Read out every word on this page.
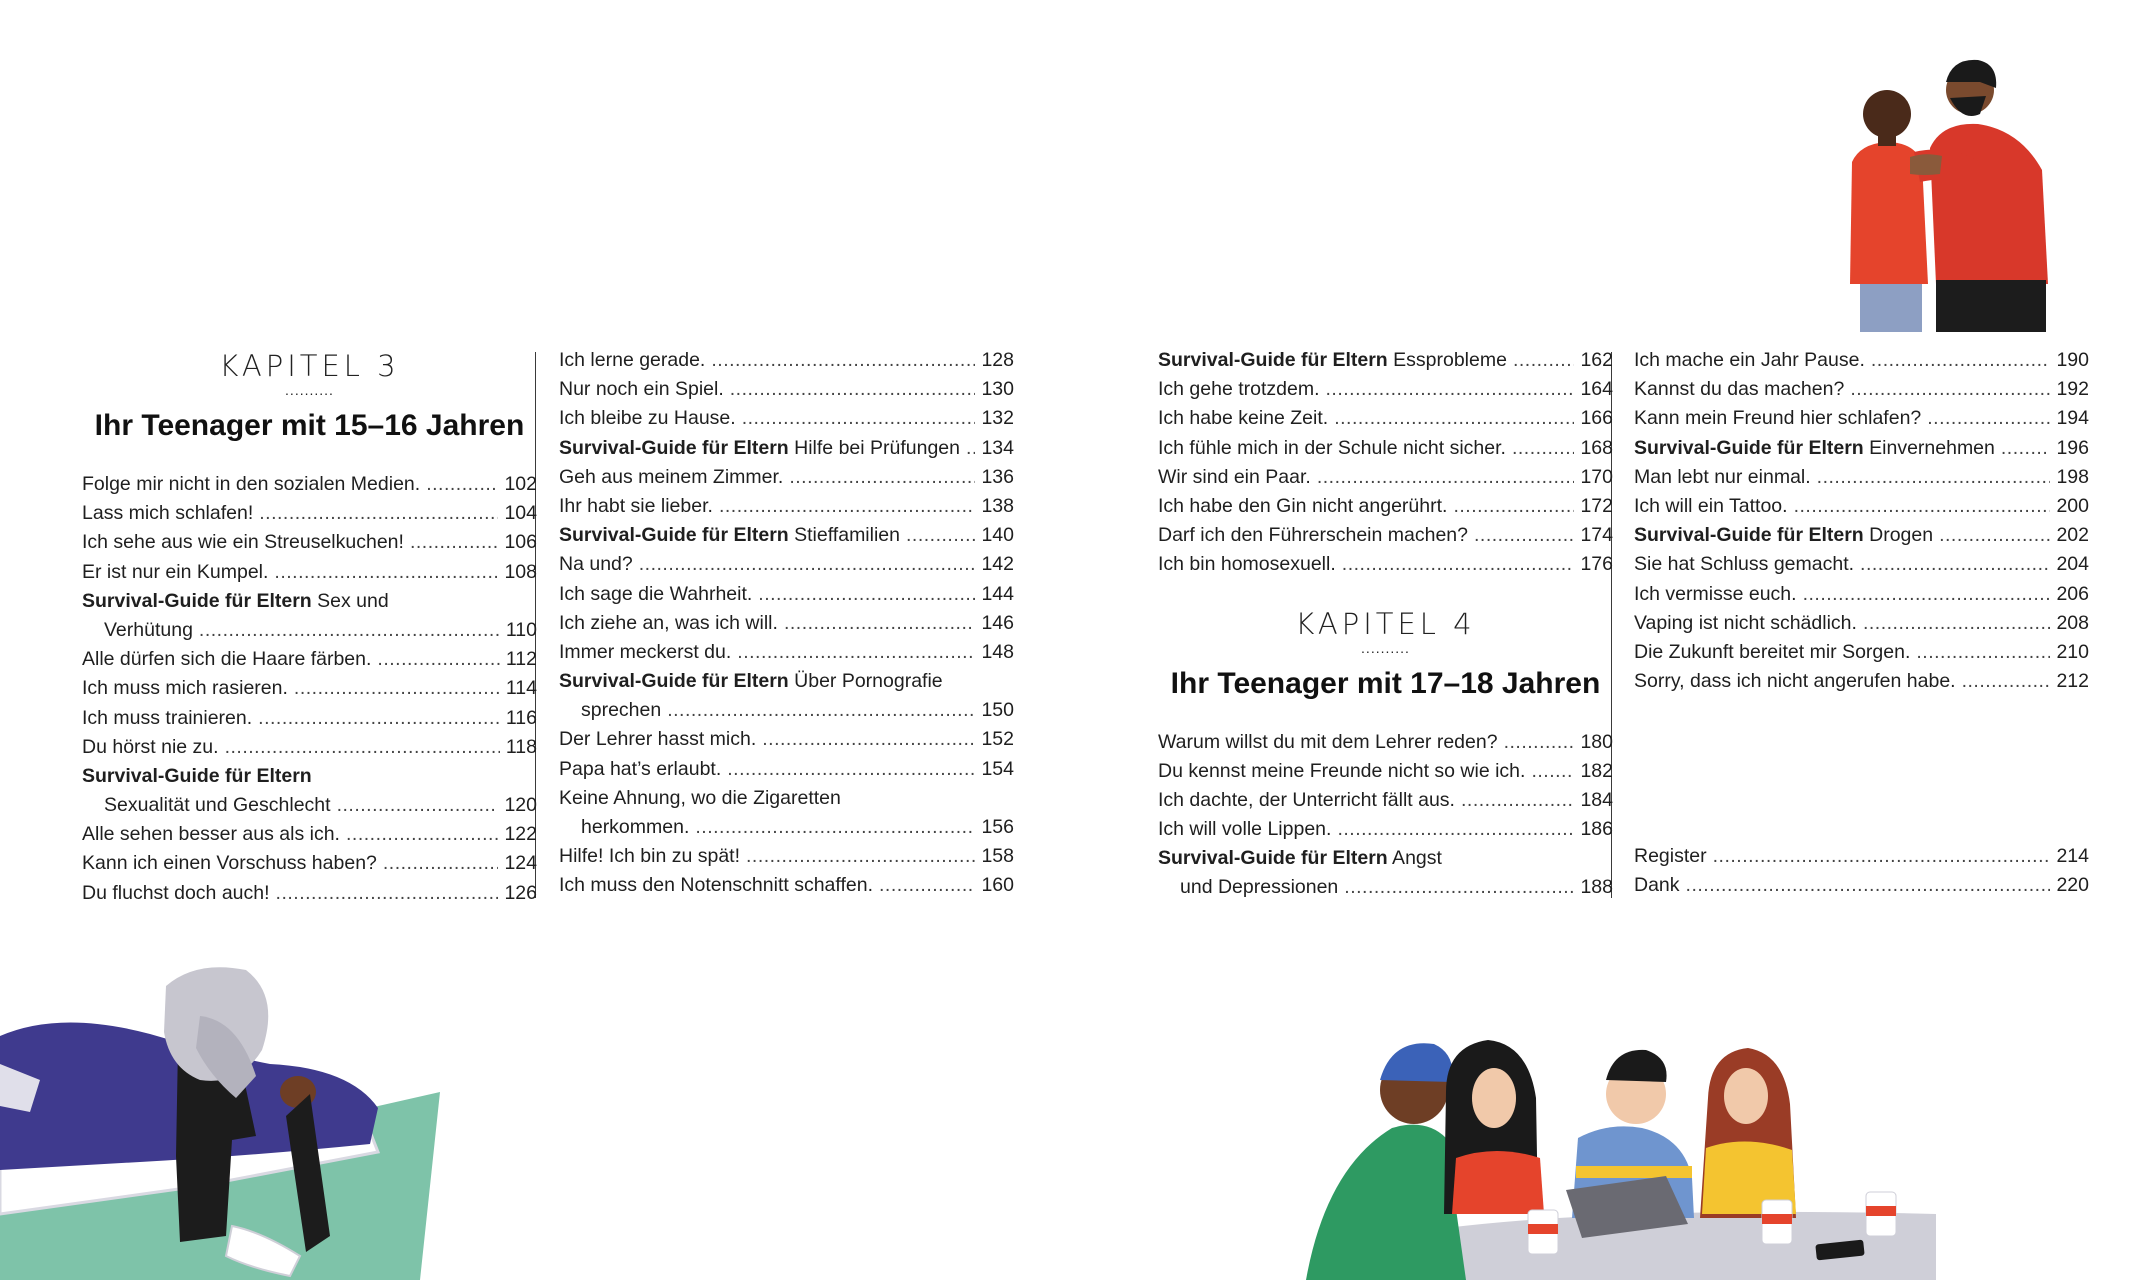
KAPITEL 3
..........
Ihr Teenager mit 15–16 Jahren
Folge mir nicht in den sozialen Medien. .....	102
Lass mich schlafen! .....	104
Ich sehe aus wie ein Streuselkuchen! .....	106
Er ist nur ein Kumpel. .....	108
Survival-Guide für Eltern Sex und
Verhütung .....	110
Alle dürfen sich die Haare färben. .....	112
Ich muss mich rasieren. .....	114
Ich muss trainieren. .....	116
Du hörst nie zu. .....	118
Survival-Guide für Eltern
Sexualität und Geschlecht .....	120
Alle sehen besser aus als ich. .....	122
Kann ich einen Vorschuss haben? .....	124
Du fluchst doch auch! .....	126
Ich lerne gerade. .....	128
Nur noch ein Spiel. .....	130
Ich bleibe zu Hause. .....	132
Survival-Guide für Eltern Hilfe bei Prüfungen ..... 134
Geh aus meinem Zimmer. .....	136
Ihr habt sie lieber. .....	138
Survival-Guide für Eltern Stieffamilien .....	140
Na und? .....	142
Ich sage die Wahrheit. .....	144
Ich ziehe an, was ich will. .....	146
Immer meckerst du. .....	148
Survival-Guide für Eltern Über Pornografie
sprechen .....	150
Der Lehrer hasst mich. .....	152
Papa hat’s erlaubt. .....	154
Keine Ahnung, wo die Zigaretten
herkommen. .....	156
Hilfe! Ich bin zu spät! .....	158
Ich muss den Notenschnitt schaffen. .....	160
Survival-Guide für Eltern Essprobleme .....	162
Ich gehe trotzdem. .....	164
Ich habe keine Zeit. .....	166
Ich fühle mich in der Schule nicht sicher. .....	168
Wir sind ein Paar. .....	170
Ich habe den Gin nicht angerührt. .....	172
Darf ich den Führerschein machen? .....	174
Ich bin homosexuell. .....	176
KAPITEL 4
..........
Ihr Teenager mit 17–18 Jahren
Warum willst du mit dem Lehrer reden? .....	180
Du kennst meine Freunde nicht so wie ich. .....	182
Ich dachte, der Unterricht fällt aus. .....	184
Ich will volle Lippen. .....	186
Survival-Guide für Eltern Angst
und Depressionen .....	188
Ich mache ein Jahr Pause. .....	190
Kannst du das machen? .....	192
Kann mein Freund hier schlafen? .....	194
Survival-Guide für Eltern Einvernehmen .....	196
Man lebt nur einmal. .....	198
Ich will ein Tattoo. .....	200
Survival-Guide für Eltern Drogen .....	202
Sie hat Schluss gemacht. .....	204
Ich vermisse euch. .....	206
Vaping ist nicht schädlich. .....	208
Die Zukunft bereitet mir Sorgen. .....	210
Sorry, dass ich nicht angerufen habe. .....	212
Register .....	214
Dank .....	220
